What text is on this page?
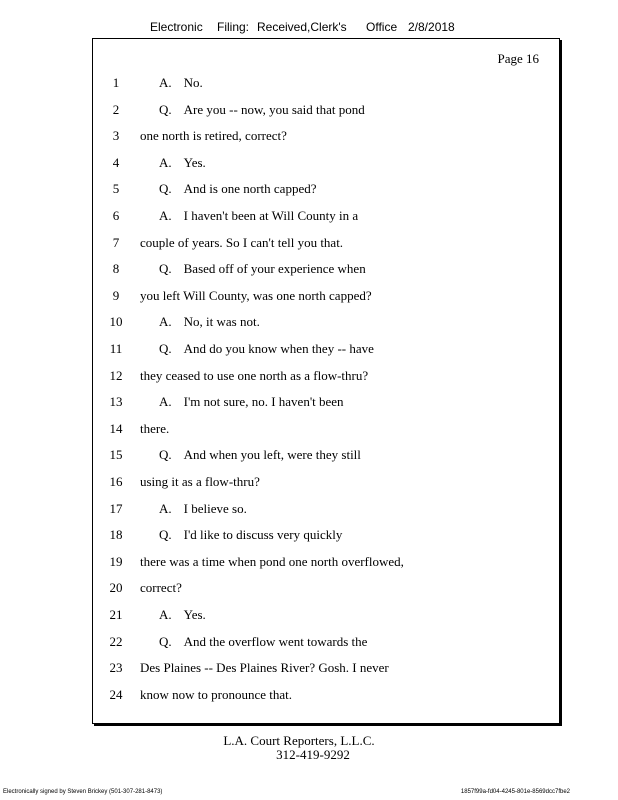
Electronic Filing: Received,Clerk's Office 2/8/2018
Page 16
1	A. No.
2	Q. Are you -- now, you said that pond
3	one north is retired, correct?
4	A. Yes.
5	Q. And is one north capped?
6	A. I haven't been at Will County in a
7	couple of years. So I can't tell you that.
8	Q. Based off of your experience when
9	you left Will County, was one north capped?
10	A. No, it was not.
11	Q. And do you know when they -- have
12	they ceased to use one north as a flow-thru?
13	A. I'm not sure, no. I haven't been
14	there.
15	Q. And when you left, were they still
16	using it as a flow-thru?
17	A. I believe so.
18	Q. I'd like to discuss very quickly
19	there was a time when pond one north overflowed,
20	correct?
21	A. Yes.
22	Q. And the overflow went towards the
23	Des Plaines -- Des Plaines River? Gosh. I never
24	know now to pronounce that.
L.A. Court Reporters, L.L.C.
312-419-9292
Electronically signed by Steven Brickey (501-307-281-8473)	1857f99a-fd04-4245-801e-8569dcc7fbe2
